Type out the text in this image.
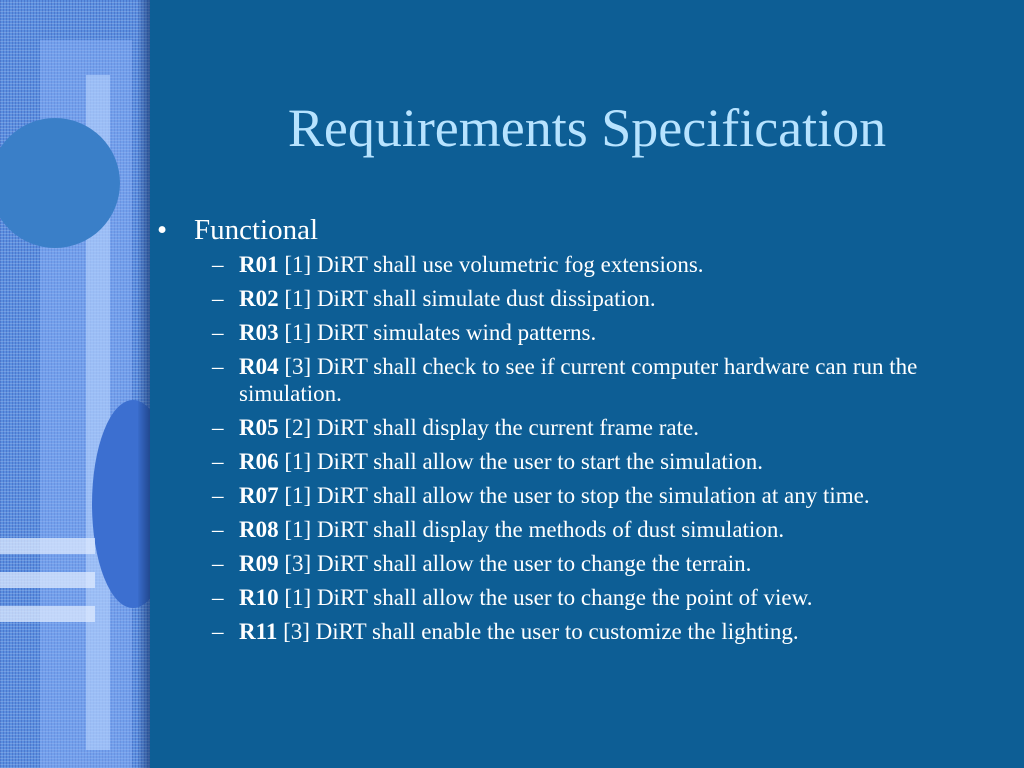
Requirements Specification
• Functional
– R01 [1] DiRT shall use volumetric fog extensions.
– R02 [1] DiRT shall simulate dust dissipation.
– R03 [1] DiRT simulates wind patterns.
– R04 [3] DiRT shall check to see if current computer hardware can run the simulation.
– R05 [2] DiRT shall display the current frame rate.
– R06 [1] DiRT shall allow the user to start the simulation.
– R07 [1] DiRT shall allow the user to stop the simulation at any time.
– R08 [1] DiRT shall display the methods of dust simulation.
– R09 [3] DiRT shall allow the user to change the terrain.
– R10 [1] DiRT shall allow the user to change the point of view.
– R11 [3] DiRT shall enable the user to customize the lighting.
